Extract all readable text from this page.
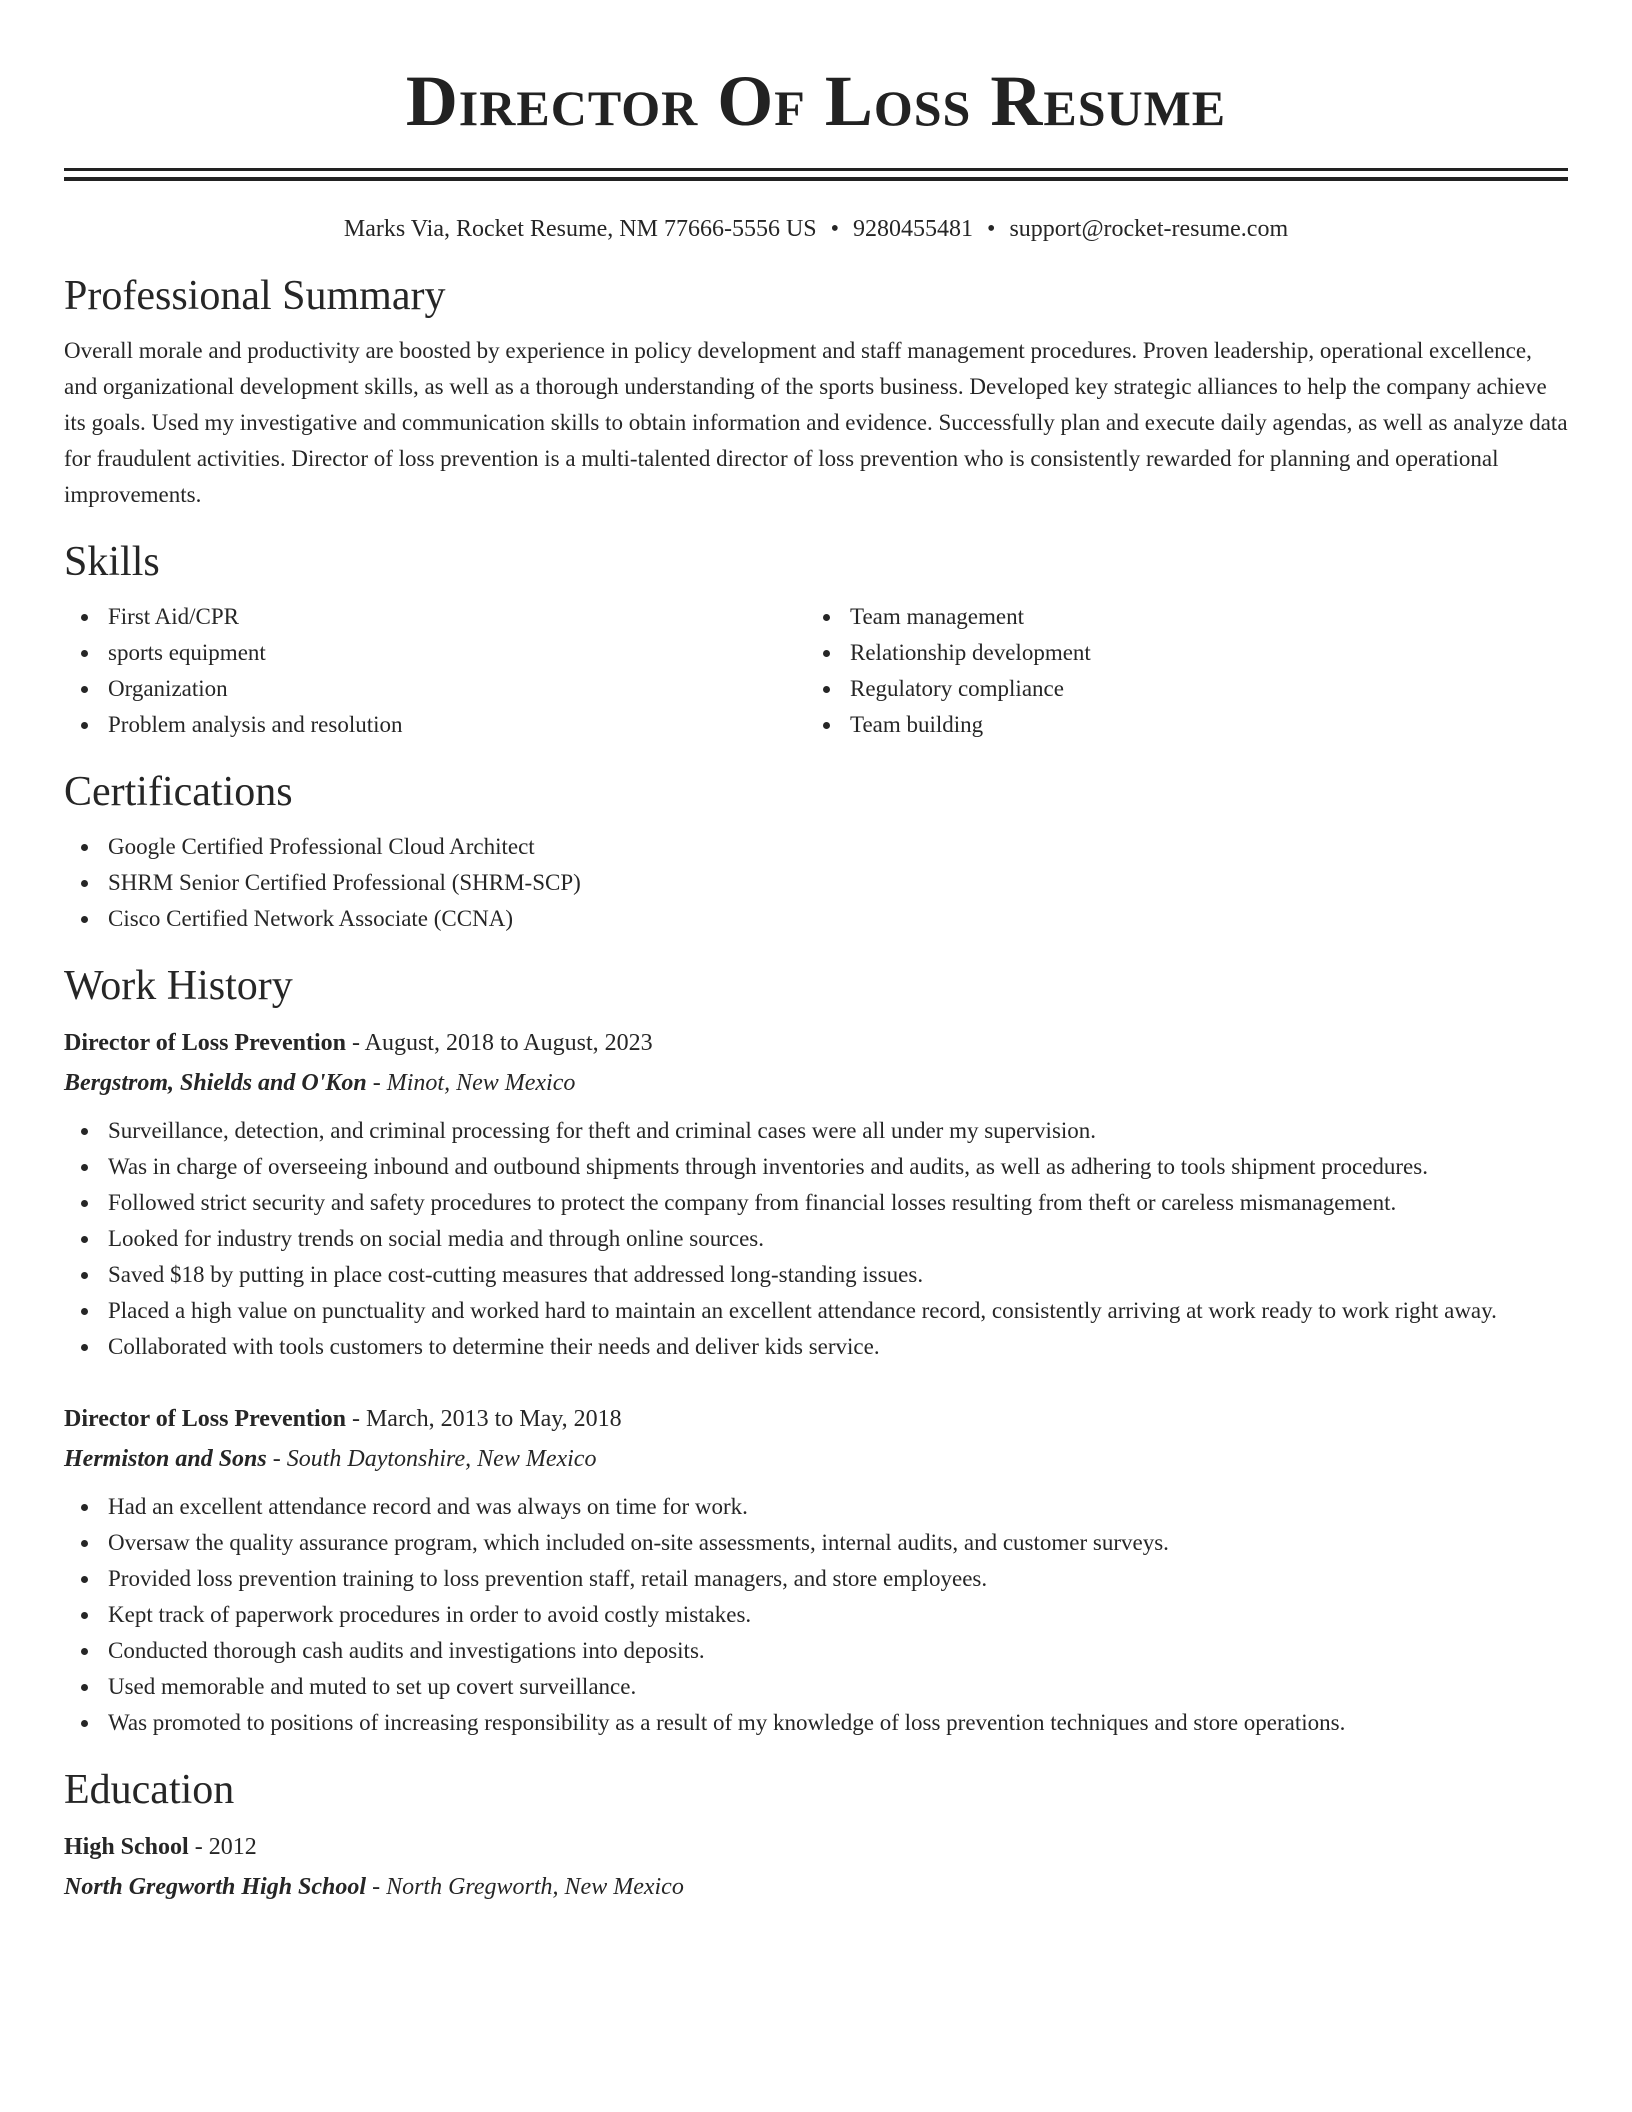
Director Of Loss Resume
Marks Via, Rocket Resume, NM 77666-5556 US • 9280455481 • support@rocket-resume.com
Professional Summary

Overall morale and productivity are boosted by experience in policy development and staff management procedures. Proven leadership, operational excellence, and organizational development skills, as well as a thorough understanding of the sports business. Developed key strategic alliances to help the company achieve its goals. Used my investigative and communication skills to obtain information and evidence. Successfully plan and execute daily agendas, as well as analyze data for fraudulent activities. Director of loss prevention is a multi-talented director of loss prevention who is consistently rewarded for planning and operational improvements.

Skills
First Aid/CPR
sports equipment
Organization
Problem analysis and resolution
Team management
Relationship development
Regulatory compliance
Team building
Certifications
Google Certified Professional Cloud Architect
SHRM Senior Certified Professional (SHRM-SCP)
Cisco Certified Network Associate (CCNA)
Work History
Director of Loss Prevention - August, 2018 to August, 2023
Bergstrom, Shields and O'Kon - Minot, New Mexico
Surveillance, detection, and criminal processing for theft and criminal cases were all under my supervision.
Was in charge of overseeing inbound and outbound shipments through inventories and audits, as well as adhering to tools shipment procedures.
Followed strict security and safety procedures to protect the company from financial losses resulting from theft or careless mismanagement.
Looked for industry trends on social media and through online sources.
Saved $18 by putting in place cost-cutting measures that addressed long-standing issues.
Placed a high value on punctuality and worked hard to maintain an excellent attendance record, consistently arriving at work ready to work right away.
Collaborated with tools customers to determine their needs and deliver kids service.
Director of Loss Prevention - March, 2013 to May, 2018
Hermiston and Sons - South Daytonshire, New Mexico
Had an excellent attendance record and was always on time for work.
Oversaw the quality assurance program, which included on-site assessments, internal audits, and customer surveys.
Provided loss prevention training to loss prevention staff, retail managers, and store employees.
Kept track of paperwork procedures in order to avoid costly mistakes.
Conducted thorough cash audits and investigations into deposits.
Used memorable and muted to set up covert surveillance.
Was promoted to positions of increasing responsibility as a result of my knowledge of loss prevention techniques and store operations.
Education
High School - 2012
North Gregworth High School - North Gregworth, New Mexico
